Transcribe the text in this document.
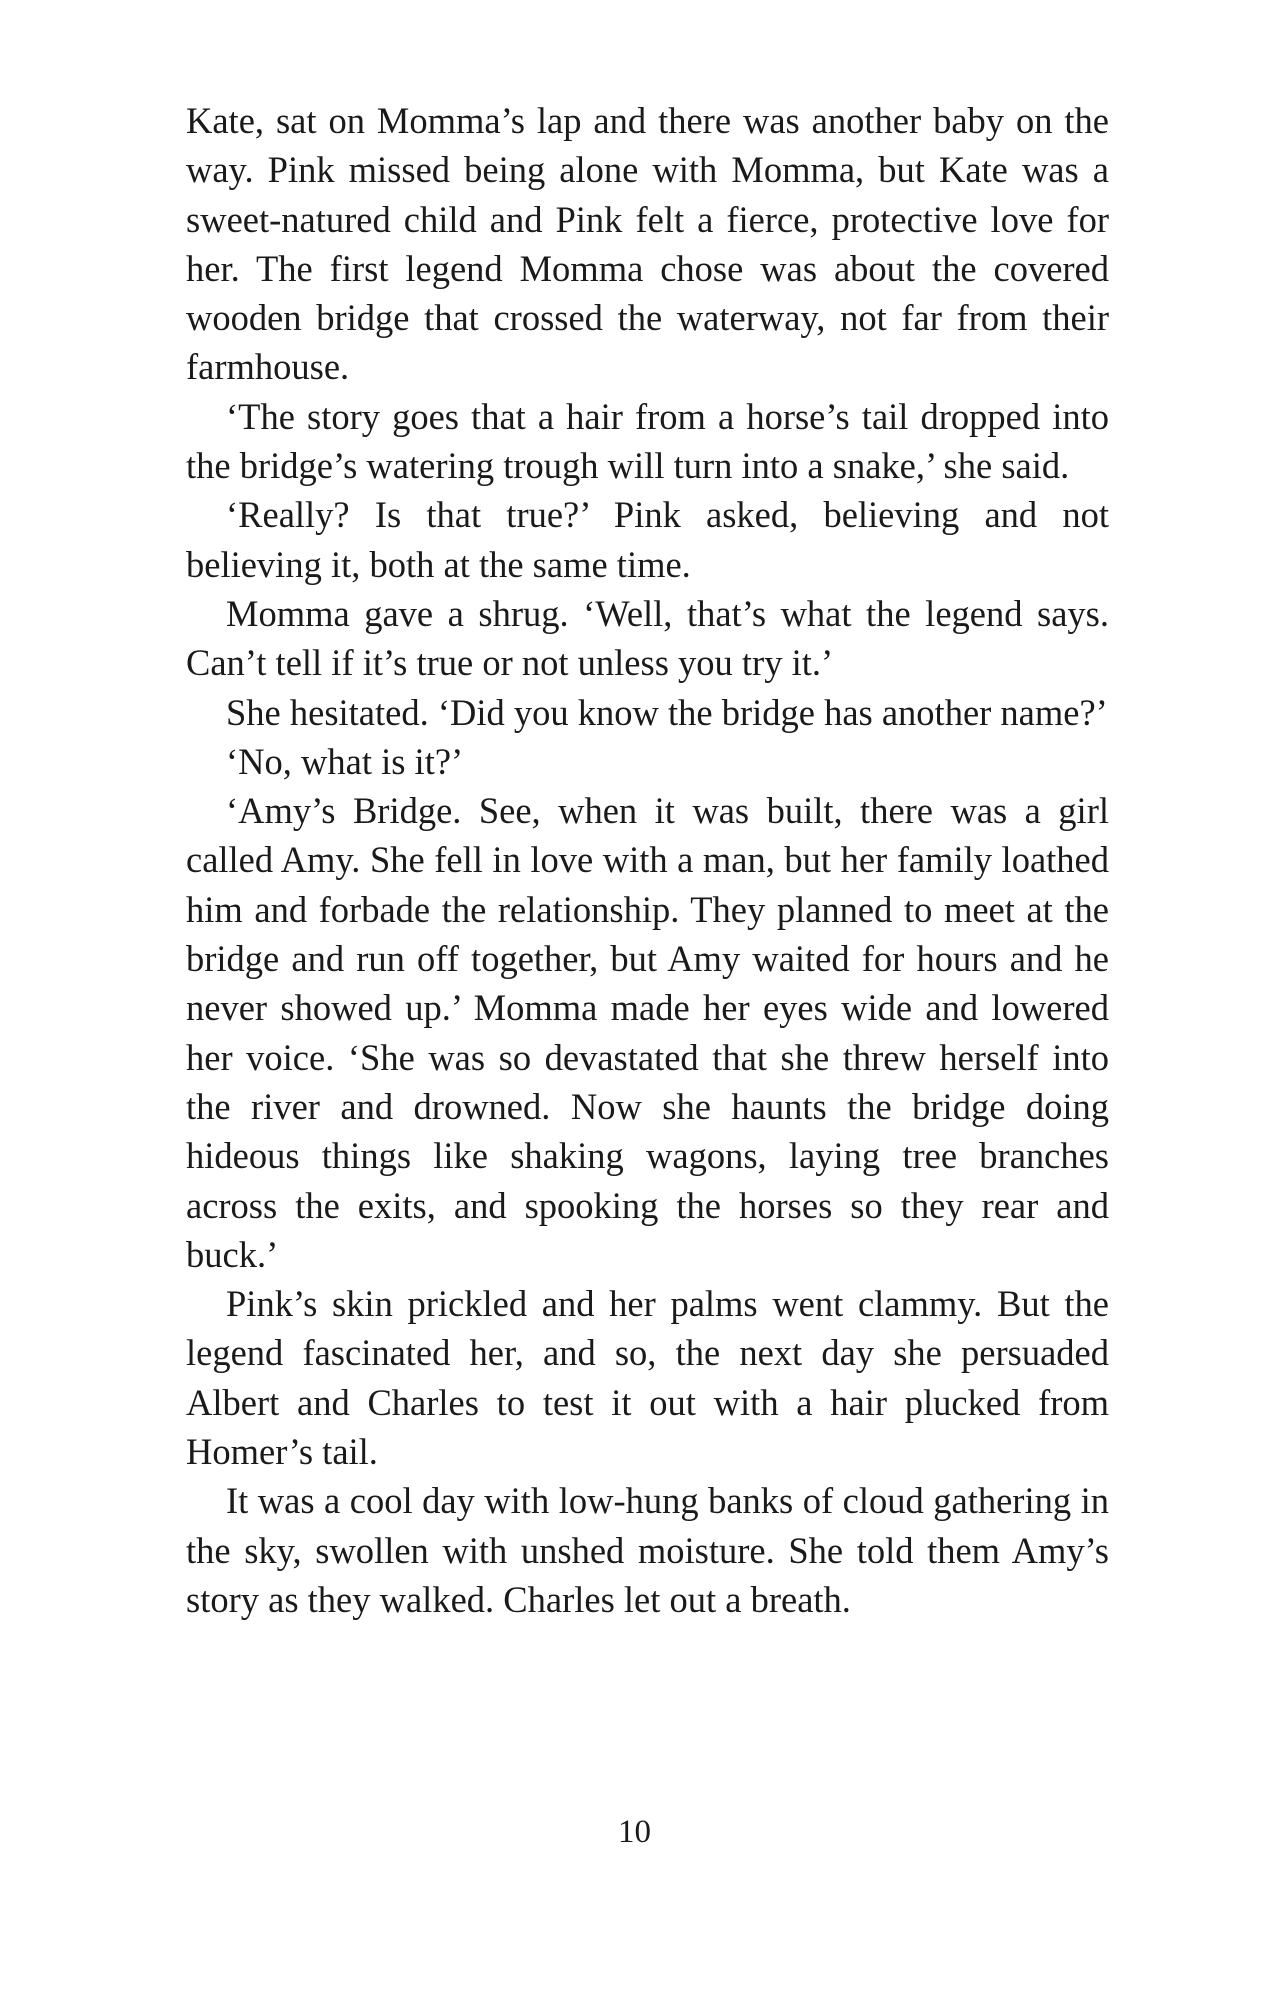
Kate, sat on Momma’s lap and there was another baby on the way. Pink missed being alone with Momma, but Kate was a sweet-natured child and Pink felt a fierce, protective love for her. The first legend Momma chose was about the covered wooden bridge that crossed the waterway, not far from their farmhouse.

‘The story goes that a hair from a horse’s tail dropped into the bridge’s watering trough will turn into a snake,’ she said.

‘Really? Is that true?’ Pink asked, believing and not believing it, both at the same time.

Momma gave a shrug. ‘Well, that’s what the legend says. Can’t tell if it’s true or not unless you try it.’

She hesitated. ‘Did you know the bridge has another name?’

‘No, what is it?’

‘Amy’s Bridge. See, when it was built, there was a girl called Amy. She fell in love with a man, but her family loathed him and forbade the relationship. They planned to meet at the bridge and run off together, but Amy waited for hours and he never showed up.’ Momma made her eyes wide and lowered her voice. ‘She was so devastated that she threw herself into the river and drowned. Now she haunts the bridge doing hideous things like shaking wagons, laying tree branches across the exits, and spooking the horses so they rear and buck.’

Pink’s skin prickled and her palms went clammy. But the legend fascinated her, and so, the next day she persuaded Albert and Charles to test it out with a hair plucked from Homer’s tail.

It was a cool day with low-hung banks of cloud gathering in the sky, swollen with unshed moisture. She told them Amy’s story as they walked. Charles let out a breath.

10
